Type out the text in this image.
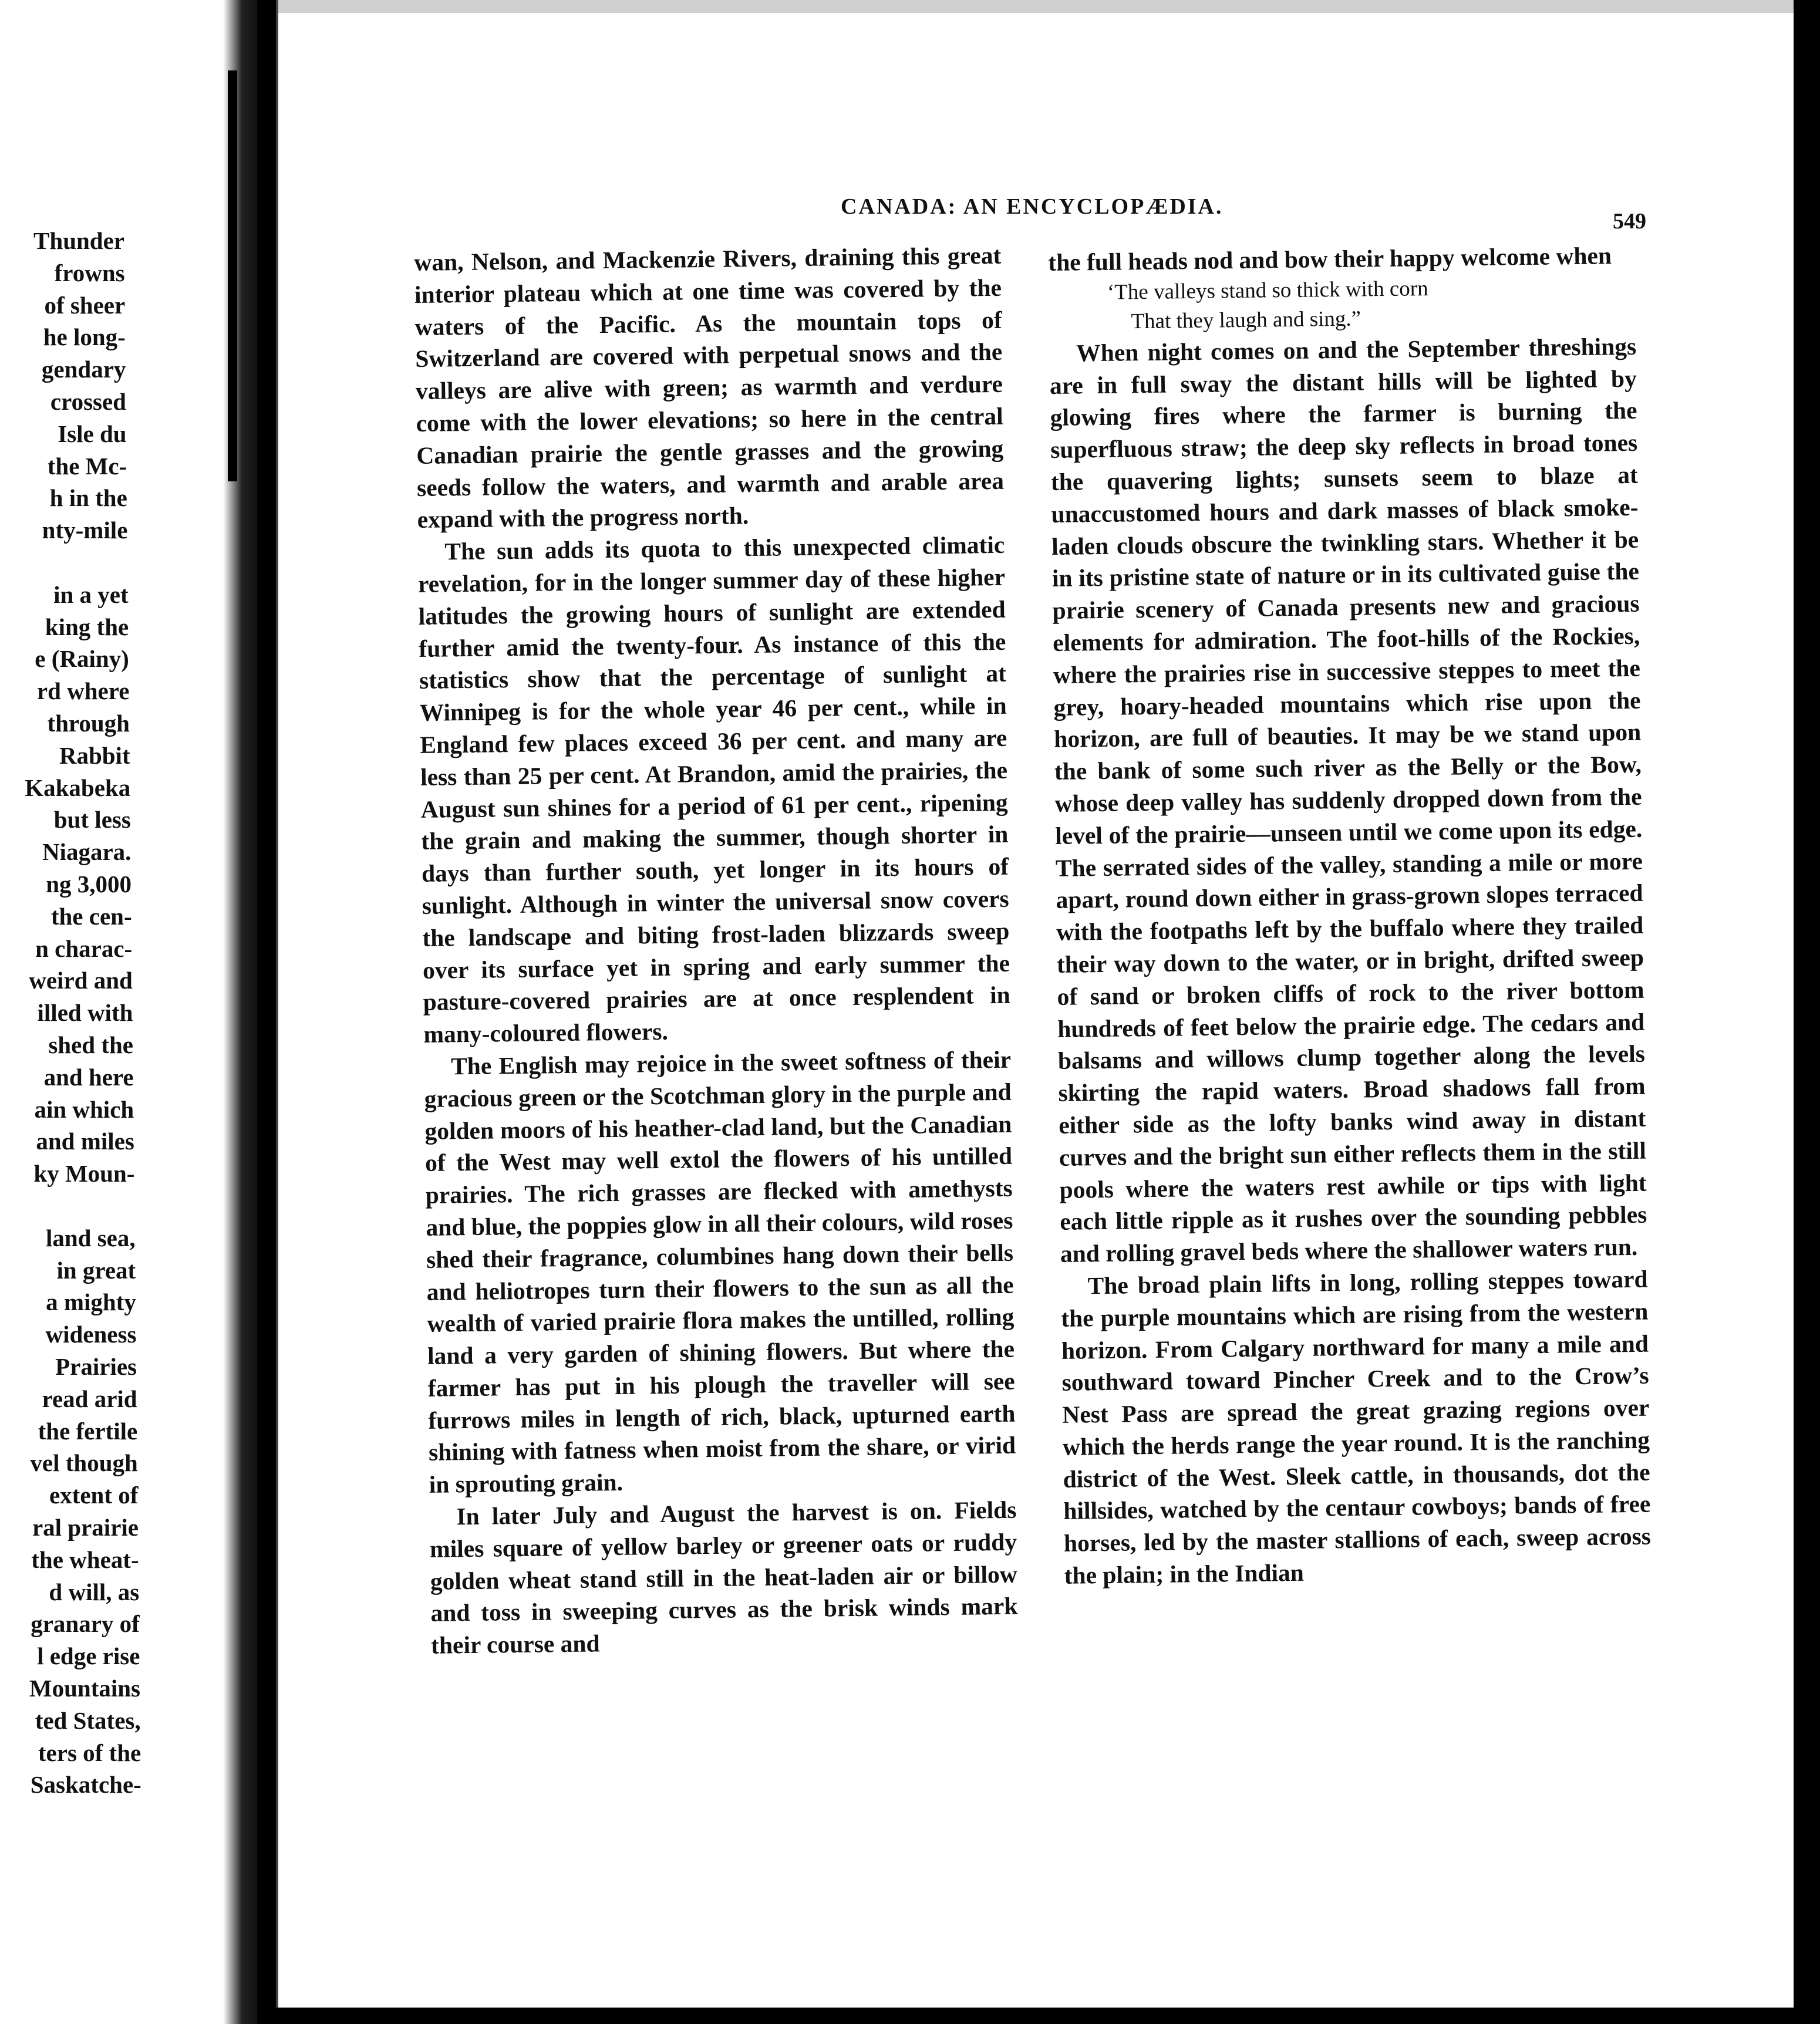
Thunder
frowns
of sheer
he long-
gendary
crossed
Isle du
the Mc-
h in the
nty-mile
in a yet
king the
e (Rainy)
rd where
through
Rabbit
Kakabeka
but less
Niagara.
ng 3,000
the cen-
n charac-
weird and
illed with
shed the
and here
ain which
and miles
ky Moun-
land sea,
in great
a mighty
wideness
Prairies
read arid
the fertile
vel though
extent of
ral prairie
the wheat-
d will, as
granary of
l edge rise
Mountains
ted States,
ters of the
Saskatche-
CANADA: AN ENCYCLOPÆDIA.
549

wan, Nelson, and Mackenzie Rivers, draining this great interior plateau which at one time was covered by the waters of the Pacific. As the mountain tops of Switzerland are covered with perpetual snows and the valleys are alive with green; as warmth and verdure come with the lower elevations; so here in the central Canadian prairie the gentle grasses and the growing seeds follow the waters, and warmth and arable area expand with the progress north.

The sun adds its quota to this unexpected climatic revelation, for in the longer summer day of these higher latitudes the growing hours of sunlight are extended further amid the twenty-four. As instance of this the statistics show that the percentage of sunlight at Winnipeg is for the whole year 46 per cent., while in England few places exceed 36 per cent. and many are less than 25 per cent. At Brandon, amid the prairies, the August sun shines for a period of 61 per cent., ripening the grain and making the summer, though shorter in days than further south, yet longer in its hours of sunlight. Although in winter the universal snow covers the landscape and biting frost-laden blizzards sweep over its surface yet in spring and early summer the pasture-covered prairies are at once resplendent in many-coloured flowers.

The English may rejoice in the sweet softness of their gracious green or the Scotchman glory in the purple and golden moors of his heather-clad land, but the Canadian of the West may well extol the flowers of his untilled prairies. The rich grasses are flecked with amethysts and blue, the poppies glow in all their colours, wild roses shed their fragrance, columbines hang down their bells and heliotropes turn their flowers to the sun as all the wealth of varied prairie flora makes the untilled, rolling land a very garden of shining flowers. But where the farmer has put in his plough the traveller will see furrows miles in length of rich, black, upturned earth shining with fatness when moist from the share, or virid in sprouting grain.

In later July and August the harvest is on. Fields miles square of yellow barley or greener oats or ruddy golden wheat stand still in the heat-laden air or billow and toss in sweeping curves as the brisk winds mark their course and

the full heads nod and bow their happy welcome when

‘The valleys stand so thick with corn
That they laugh and sing.”

When night comes on and the September threshings are in full sway the distant hills will be lighted by glowing fires where the farmer is burning the superfluous straw; the deep sky reflects in broad tones the quavering lights; sunsets seem to blaze at unaccustomed hours and dark masses of black smoke-laden clouds obscure the twinkling stars. Whether it be in its pristine state of nature or in its cultivated guise the prairie scenery of Canada presents new and gracious elements for admiration. The foot-hills of the Rockies, where the prairies rise in successive steppes to meet the grey, hoary-headed mountains which rise upon the horizon, are full of beauties. It may be we stand upon the bank of some such river as the Belly or the Bow, whose deep valley has suddenly dropped down from the level of the prairie—unseen until we come upon its edge. The serrated sides of the valley, standing a mile or more apart, round down either in grass-grown slopes terraced with the footpaths left by the buffalo where they trailed their way down to the water, or in bright, drifted sweep of sand or broken cliffs of rock to the river bottom hundreds of feet below the prairie edge. The cedars and balsams and willows clump together along the levels skirting the rapid waters. Broad shadows fall from either side as the lofty banks wind away in distant curves and the bright sun either reflects them in the still pools where the waters rest awhile or tips with light each little ripple as it rushes over the sounding pebbles and rolling gravel beds where the shallower waters run.

The broad plain lifts in long, rolling steppes toward the purple mountains which are rising from the western horizon. From Calgary northward for many a mile and southward toward Pincher Creek and to the Crow’s Nest Pass are spread the great grazing regions over which the herds range the year round. It is the ranching district of the West. Sleek cattle, in thousands, dot the hillsides, watched by the centaur cowboys; bands of free horses, led by the master stallions of each, sweep across the plain; in the Indian
